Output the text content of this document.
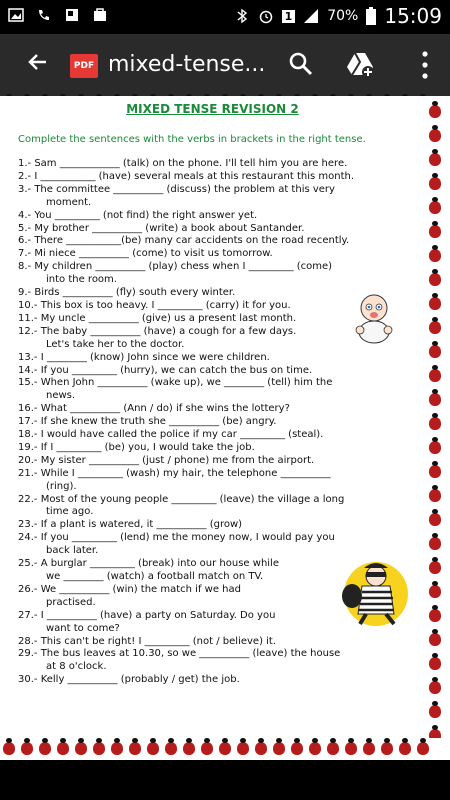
1	70% 15:09
PDF mixed-tense...
MIXED TENSE REVISION 2
Complete the sentences with the verbs in brackets in the right tense.
1.- Sam ____________ (talk) on the phone. I'll tell him you are here.
2.- I ___________ (have) several meals at this restaurant this month.
3.- The committee __________ (discuss) the problem at this very
moment.
4.- You _________ (not find) the right answer yet.
5.- My brother __________ (write) a book about Santander.
6.- There ___________(be) many car accidents on the road recently.
7.- Mi niece __________ (come) to visit us tomorrow.
8.- My children __________ (play) chess when I _________ (come)
into the room.
9.- Birds __________ (fly) south every winter.
10.- This box is too heavy. I _________ (carry) it for you.
11.- My uncle __________ (give) us a present last month.
12.- The baby __________ (have) a cough for a few days.
Let's take her to the doctor.
13.- I ________ (know) John since we were children.
14.- If you _________ (hurry), we can catch the bus on time.
15.- When John __________ (wake up), we ________ (tell) him the
news.
16.- What __________ (Ann / do) if she wins the lottery?
17.- If she knew the truth she __________ (be) angry.
18.- I would have called the police if my car _________ (steal).
19.- If I _________ (be) you, I would take the job.
20.- My sister __________ (just / phone) me from the airport.
21.- While I _________ (wash) my hair, the telephone __________
(ring).
22.- Most of the young people _________ (leave) the village a long
time ago.
23.- If a plant is watered, it __________ (grow)
24.- If you _________ (lend) me the money now, I would pay you
back later.
25.- A burglar _________ (break) into our house while
we ________ (watch) a football match on TV.
26.- We __________ (win) the match if we had
practised.
27.- I __________ (have) a party on Saturday. Do you
want to come?
28.- This can't be right! I _________ (not / believe) it.
29.- The bus leaves at 10.30, so we __________ (leave) the house
at 8 o'clock.
30.- Kelly __________ (probably / get) the job.
